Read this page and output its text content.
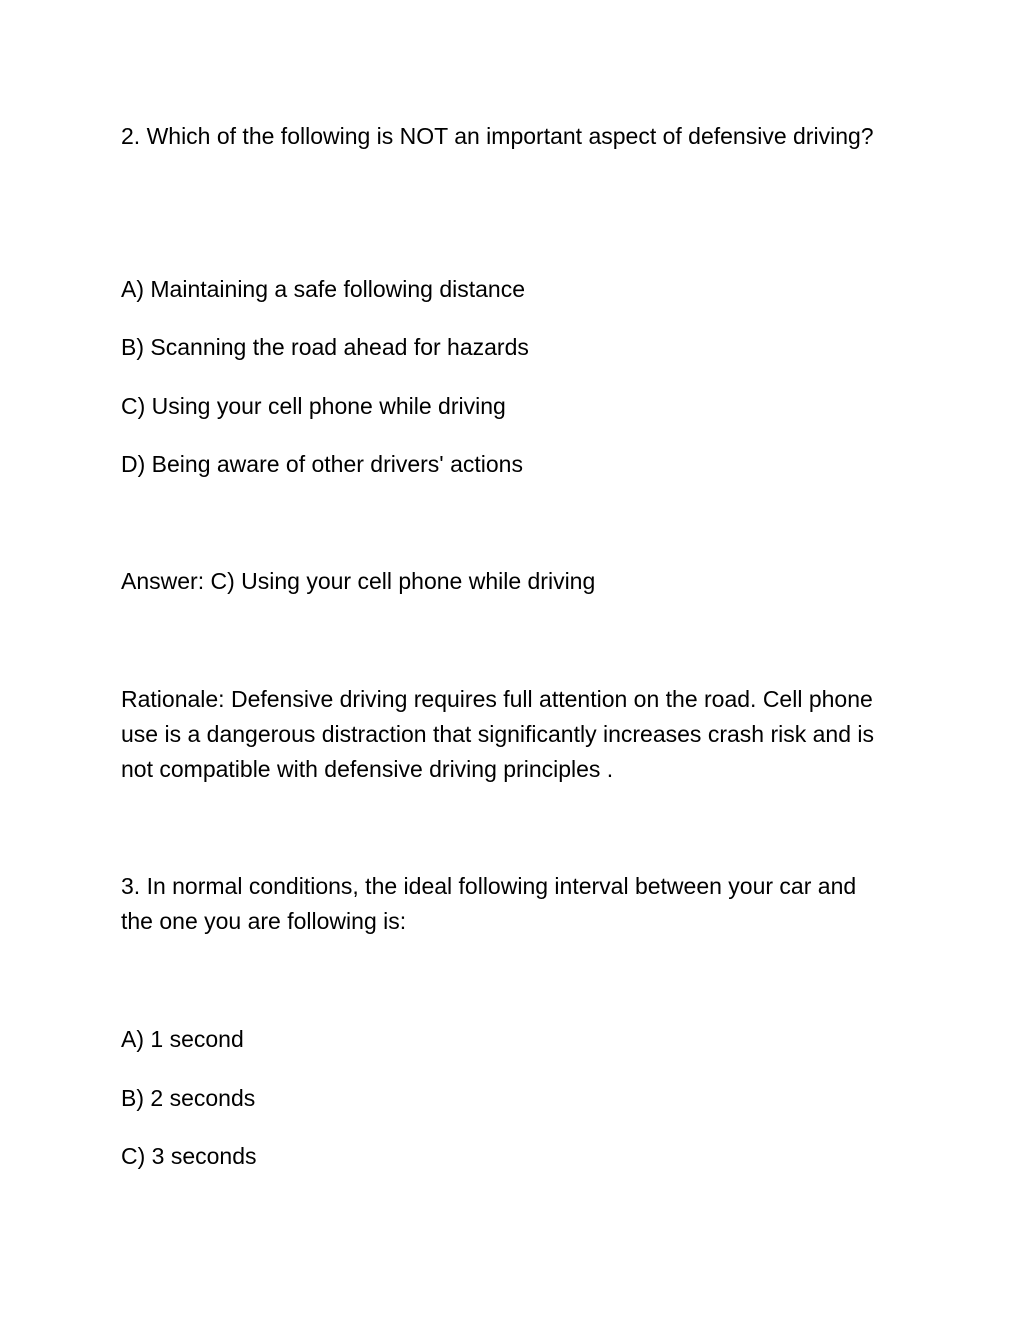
2. Which of the following is NOT an important aspect of defensive driving?

A) Maintaining a safe following distance

B) Scanning the road ahead for hazards

C) Using your cell phone while driving

D) Being aware of other drivers' actions

Answer: C) Using your cell phone while driving

Rationale: Defensive driving requires full attention on the road. Cell phone use is a dangerous distraction that significantly increases crash risk and is not compatible with defensive driving principles .

3. In normal conditions, the ideal following interval between your car and the one you are following is:

A) 1 second

B) 2 seconds

C) 3 seconds
